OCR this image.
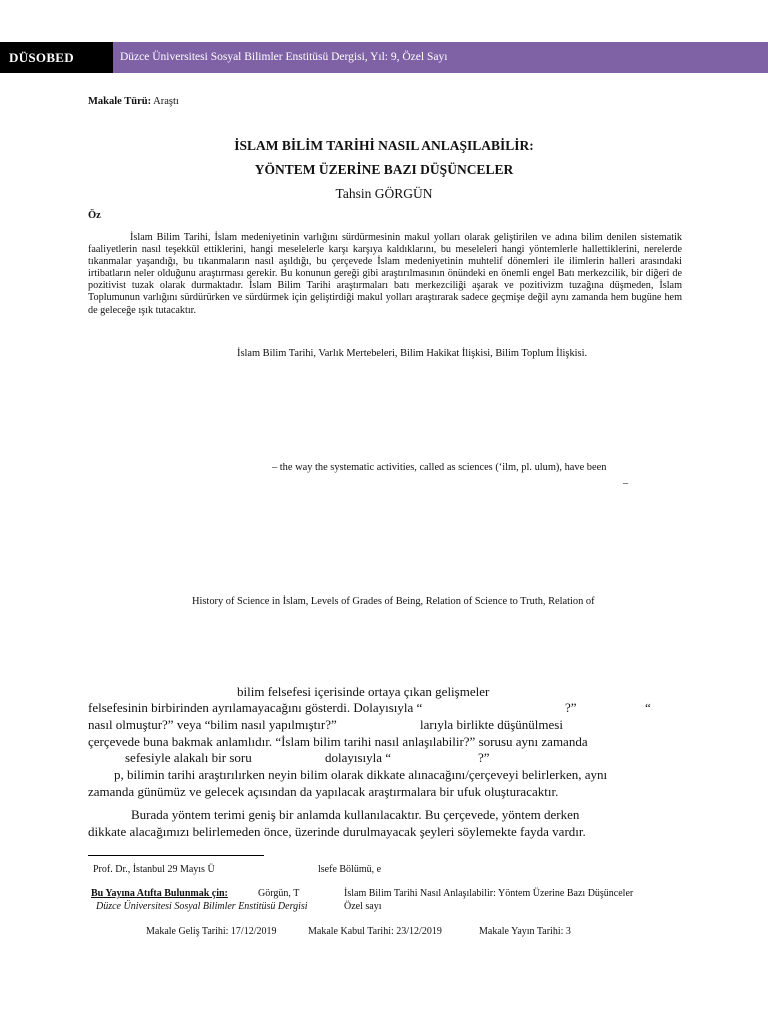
DÜSOBED	Düzce Üniversitesi Sosyal Bilimler Enstitüsü Dergisi, Yıl: 9, Özel Sayı
Makale Türü: Araştı
İSLAM BİLİM TARİHİ NASIL ANLAŞILABİLİR:
YÖNTEM ÜZERİNE BAZI DÜŞÜNCELER
Tahsin GÖRGÜN
Öz

İslam Bilim Tarihi, İslam medeniyetinin varlığını sürdürmesinin makul yolları olarak geliştirilen ve adına bilim denilen sistematik faaliyetlerin nasıl teşekkül ettiklerini, hangi meselelerle karşı karşıya kaldıklarını, bu meseleleri hangi yöntemlerle hallettiklerini, nerelerde tıkanmalar yaşandığı, bu tıkanmaların nasıl aşıldığı, bu çerçevede İslam medeniyetinin muhtelif dönemleri ile ilimlerin halleri arasındaki irtibatların neler olduğunu araştırması gerekir. Bu konunun gereği gibi araştırılmasının önündeki en önemli engel Batı merkezcilik, bir diğeri de pozitivist tuzak olarak durmaktadır. İslam Bilim Tarihi araştırmaları batı merkezciliği aşarak ve pozitivizm tuzağına düşmeden, İslam Toplumunun varlığını sürdürürken ve sürdürmek için geliştirdiği makul yolları araştırarak sadece geçmişe değil aynı zamanda hem bugüne hem de geleceğe ışık tutacaktır.

İslam Bilim Tarihi, Varlık Mertebeleri, Bilim Hakikat İlişkisi, Bilim Toplum İlişkisi.
– the way the systematic activities, called as sciences (‘ilm, pl. ulum), have been
–
History of Science in İslam, Levels of Grades of Being, Relation of Science to Truth, Relation of
bilim felsefesi içerisinde ortaya çıkan gelişmeler
felsefesinin birbirinden ayrılamayacağını gösterdi. Dolayısıyla “	?”	“
nasıl olmuştur?” veya “bilim nasıl yapılmıştır?”	larıyla birlikte düşünülmesi
çerçevede buna bakmak anlamlıdır. “İslam bilim tarihi nasıl anlaşılabilir?” sorusu aynı zamanda
sefesiyle alakalı bir soru	dolayısıyla “	?”
p, bilimin tarihi araştırılırken neyin bilim olarak dikkate alınacağını/çerçeveyi belirlerken, aynı
zamanda günümüz ve gelecek açısından da yapılacak araştırmalara bir ufuk oluşturacaktır.
Burada yöntem terimi geniş bir anlamda kullanılacaktır. Bu çerçevede, yöntem derken
dikkate alacağımızı belirlemeden önce, üzerinde durulmayacak şeyleri söylemekte fayda vardır.
Prof. Dr., İstanbul 29 Mayıs Ü	lsefe Bölümü, e
Bu Yayına Atıfta Bulunmak çin:	Görgün, T	İslam Bilim Tarihi Nasıl Anlaşılabilir: Yöntem Üzerine Bazı Düşünceler
Düzce Üniversitesi Sosyal Bilimler Enstitüsü Dergisi	Özel sayı
Makale Geliş Tarihi: 17/12/2019	Makale Kabul Tarihi: 23/12/2019	Makale Yayın Tarihi: 3
